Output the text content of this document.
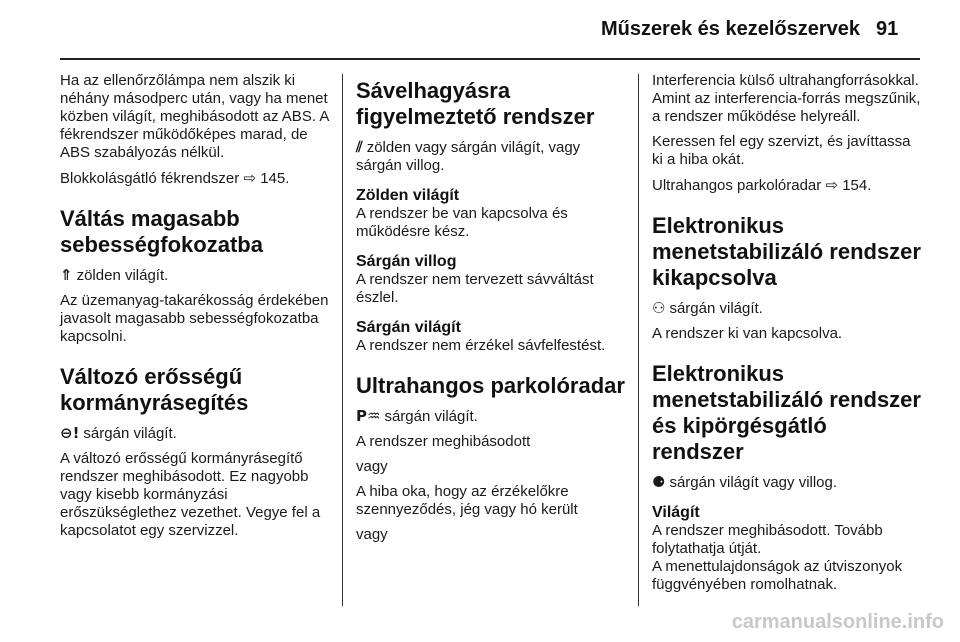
Műszerek és kezelőszervek 91

Ha az ellenőrzőlámpa nem alszik ki néhány másodperc után, vagy ha menet közben világít, meghibásodott az ABS. A fékrendszer működőképes marad, de ABS szabályozás nélkül.

Blokkolásgátló fékrendszer ⇨ 145.

Váltás magasabb sebességfokozatba

⇑ zölden világít.

Az üzemanyag-takarékosság érdekében javasolt magasabb sebességfokozatba kapcsolni.

Változó erősségű kormányrásegítés

⊖! sárgán világít.

A változó erősségű kormányrásegítő rendszer meghibásodott. Ez nagyobb vagy kisebb kormányzási erőszükséglethez vezethet. Vegye fel a kapcsolatot egy szervizzel.

Sávelhagyásra figyelmeztető rendszer

⫽ zölden vagy sárgán világít, vagy sárgán villog.

Zölden világít

A rendszer be van kapcsolva és működésre kész.

Sárgán villog

A rendszer nem tervezett sávváltást észlel.

Sárgán világít

A rendszer nem érzékel sávfelfestést.

Ultrahangos parkolóradar

P♒ sárgán világít.

A rendszer meghibásodott

vagy

A hiba oka, hogy az érzékelőkre szennyeződés, jég vagy hó került

vagy

Interferencia külső ultrahangforrásokkal. Amint az interferencia-forrás megszűnik, a rendszer működése helyreáll.

Keressen fel egy szervizt, és javíttassa ki a hiba okát.

Ultrahangos parkolóradar ⇨ 154.

Elektronikus menetstabilizáló rendszer kikapcsolva

⚇ sárgán világít.

A rendszer ki van kapcsolva.

Elektronikus menetstabilizáló rendszer és kipörgésgátló rendszer

⚈ sárgán világít vagy villog.

Világít

A rendszer meghibásodott. Tovább folytathatja útját.

A menettulajdonságok az útviszonyok függvényében romolhatnak.

carmanualsonline.info
